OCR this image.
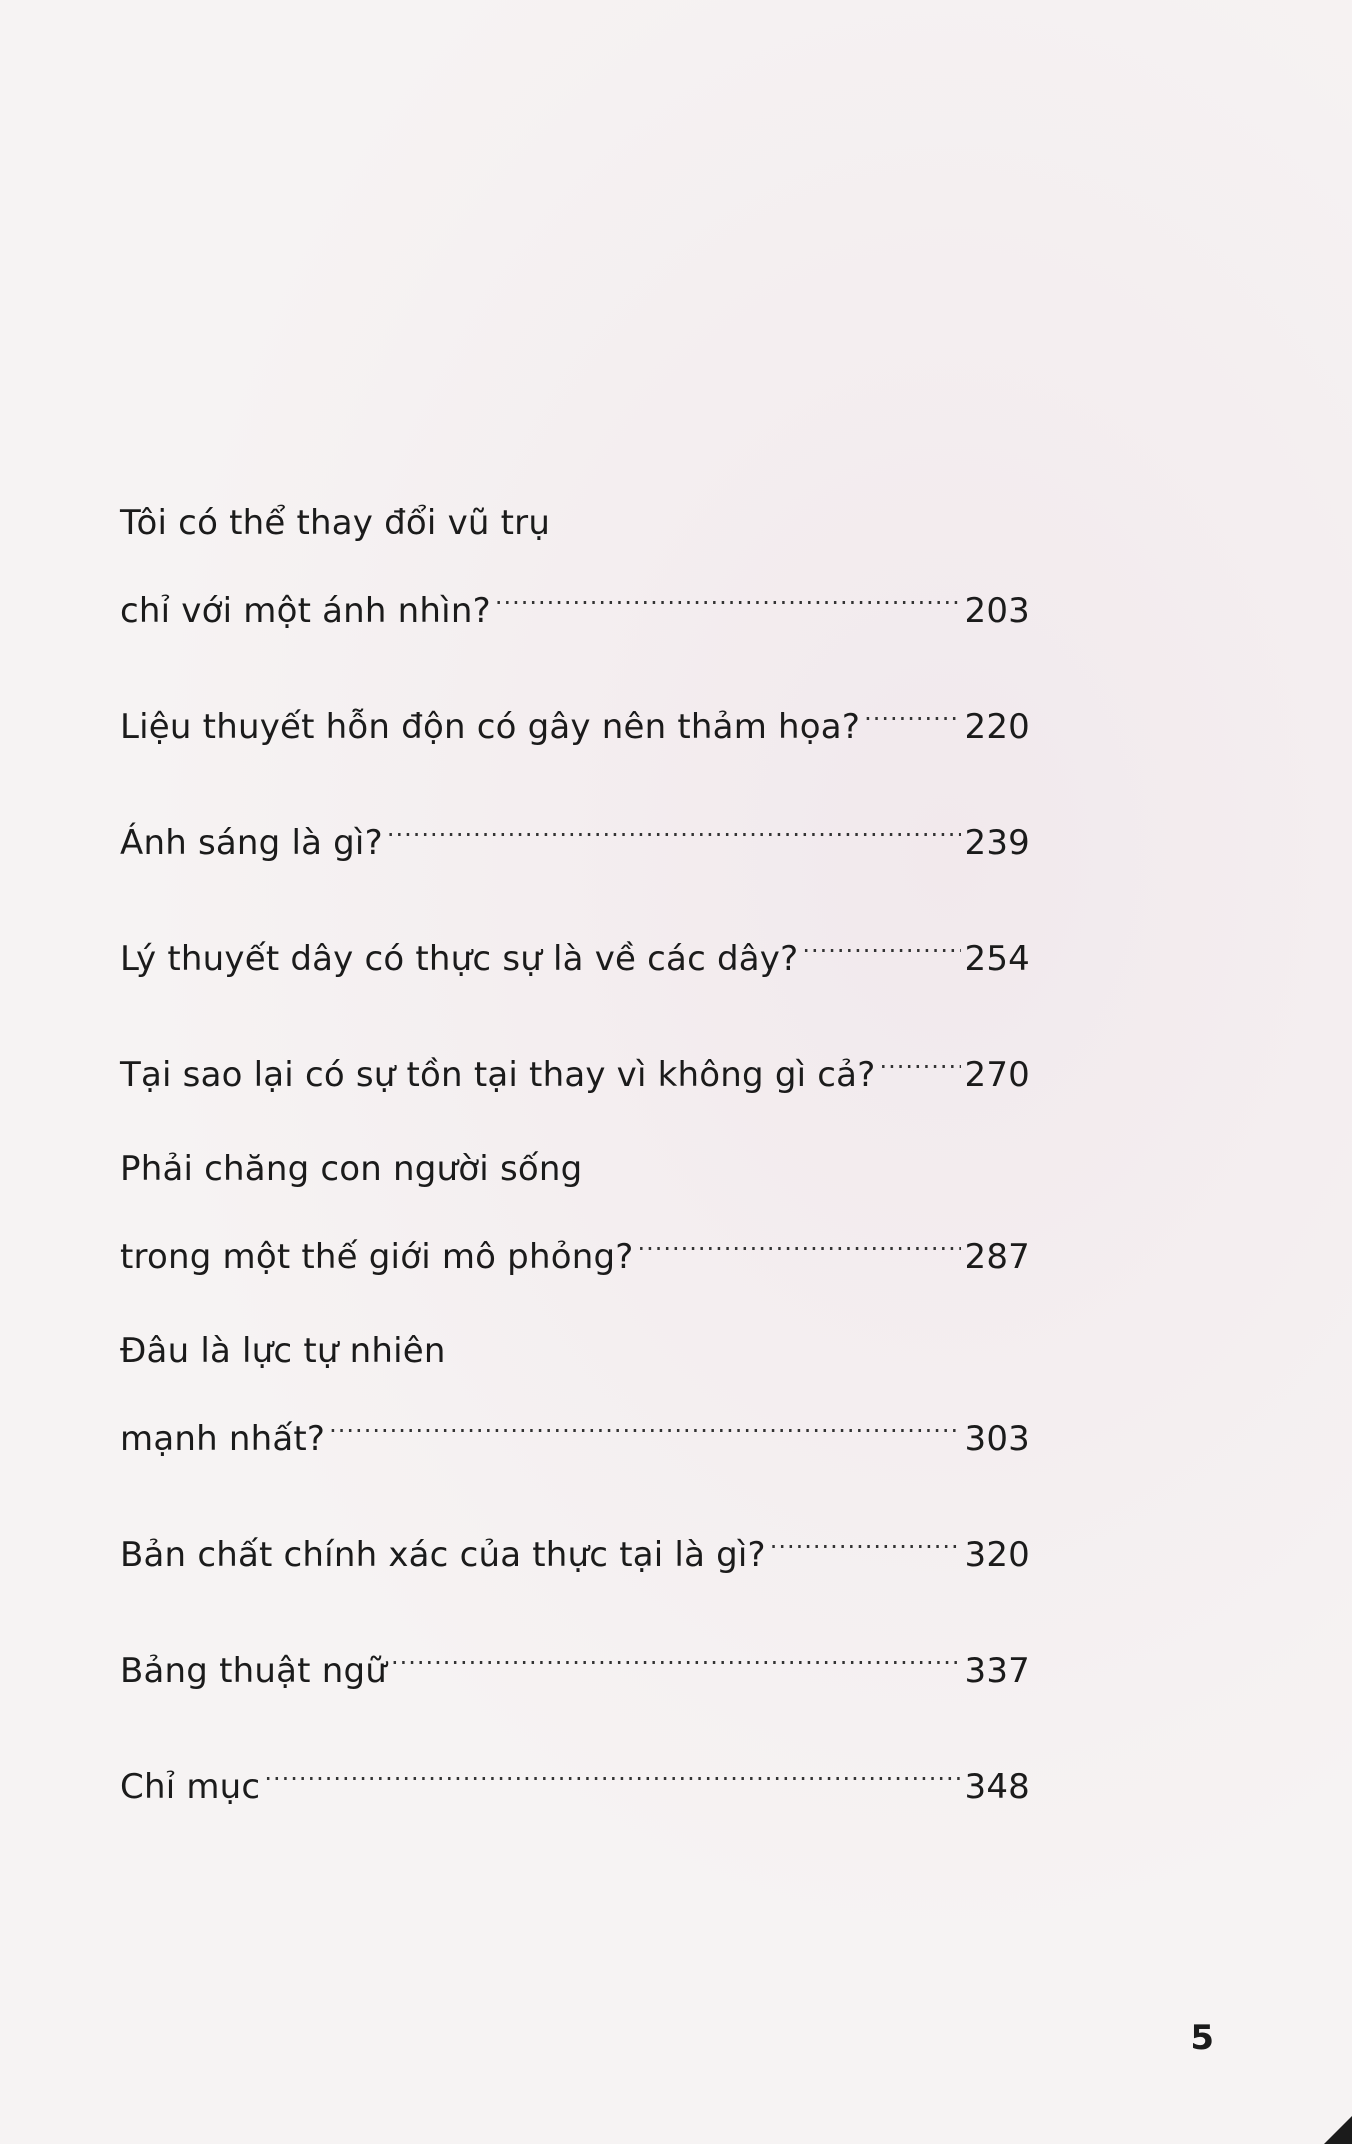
Tôi có thể thay đổi vũ trụ
chỉ với một ánh nhìn? .....	203
Liệu thuyết hỗn độn có gây nên thảm họa? .....	220
Ánh sáng là gì? .....	239
Lý thuyết dây có thực sự là về các dây? .....	254
Tại sao lại có sự tồn tại thay vì không gì cả? .....	270
Phải chăng con người sống
trong một thế giới mô phỏng? .....	287
Đâu là lực tự nhiên
mạnh nhất? .....	303
Bản chất chính xác của thực tại là gì? .....	320
Bảng thuật ngữ .....	337
Chỉ mục .....	348
5
